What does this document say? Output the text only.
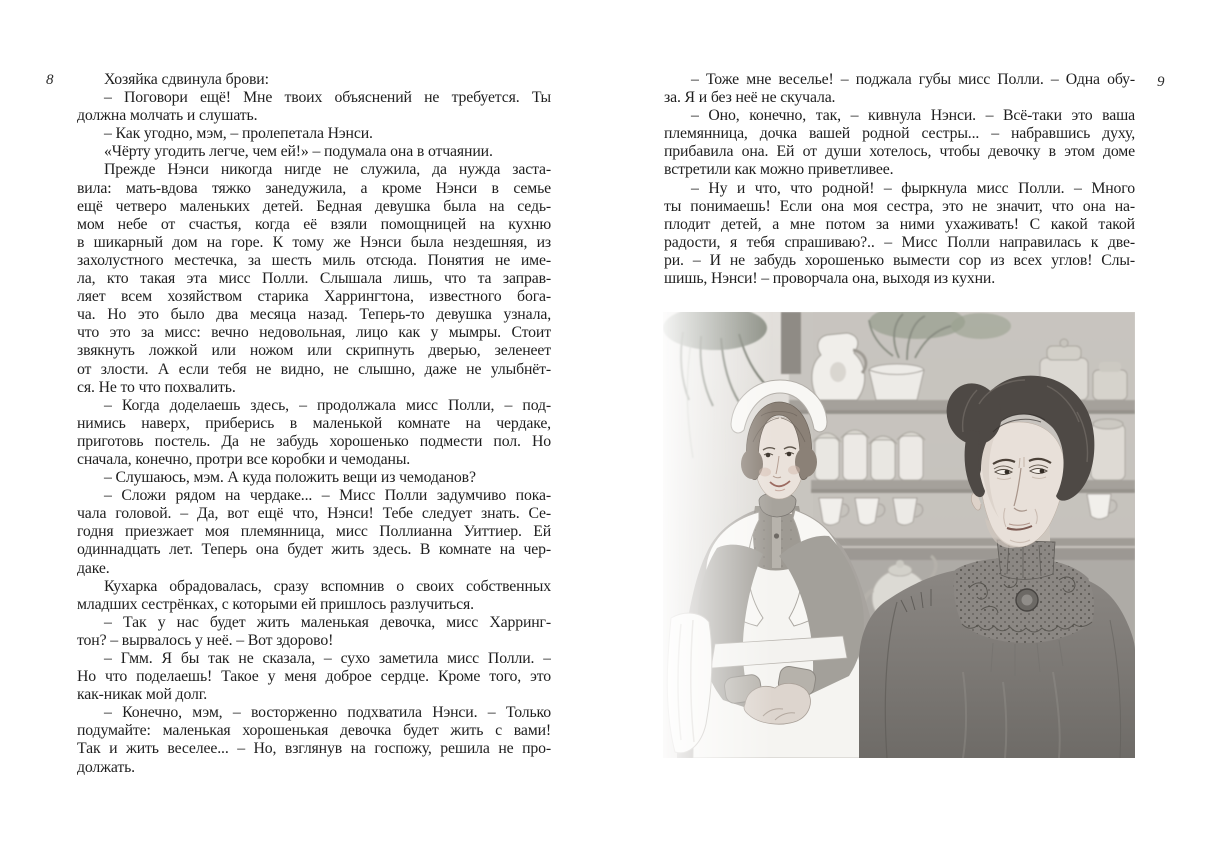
8	Хозяйка сдвинула брови:
– Поговори ещё! Мне твоих объяснений не требуется. Ты
должна молчать и слушать.
– Как угодно, мэм, – пролепетала Нэнси.
«Чёрту угодить легче, чем ей!» – подумала она в отчаянии.
Прежде Нэнси никогда нигде не служила, да нужда заста-
вила: мать-вдова тяжко занедужила, а кроме Нэнси в семье
ещё четверо маленьких детей. Бедная девушка была на седь-
мом небе от счастья, когда её взяли помощницей на кухню
в шикарный дом на горе. К тому же Нэнси была нездешняя, из
захолустного местечка, за шесть миль отсюда. Понятия не име-
ла, кто такая эта мисс Полли. Слышала лишь, что та заправ-
ляет всем хозяйством старика Харрингтона, известного бога-
ча. Но это было два месяца назад. Теперь-то девушка узнала,
что это за мисс: вечно недовольная, лицо как у мымры. Стоит
звякнуть ложкой или ножом или скрипнуть дверью, зеленеет
от злости. А если тебя не видно, не слышно, даже не улыбнёт-
ся. Не то что похвалить.
– Когда доделаешь здесь, – продолжала мисс Полли, – под-
нимись наверх, приберись в маленькой комнате на чердаке,
приготовь постель. Да не забудь хорошенько подмести пол. Но
сначала, конечно, протри все коробки и чемоданы.
– Слушаюсь, мэм. А куда положить вещи из чемоданов?
– Сложи рядом на чердаке... – Мисс Полли задумчиво пока-
чала головой. – Да, вот ещё что, Нэнси! Тебе следует знать. Се-
годня приезжает моя племянница, мисс Поллианна Уиттиер. Ей
одиннадцать лет. Теперь она будет жить здесь. В комнате на чер-
даке.
Кухарка обрадовалась, сразу вспомнив о своих собственных
младших сестрёнках, с которыми ей пришлось разлучиться.
– Так у нас будет жить маленькая девочка, мисс Харринг-
тон? – вырвалось у неё. – Вот здорово!
– Гмм. Я бы так не сказала, – сухо заметила мисс Полли. –
Но что поделаешь! Такое у меня доброе сердце. Кроме того, это
как-никак мой долг.
– Конечно, мэм, – восторженно подхватила Нэнси. – Только
подумайте: маленькая хорошенькая девочка будет жить с вами!
Так и жить веселее... – Но, взглянув на госпожу, решила не про-
должать.
9
– Тоже мне веселье! – поджала губы мисс Полли. – Одна обу-
за. Я и без неё не скучала.
– Оно, конечно, так, – кивнула Нэнси. – Всё-таки это ваша
племянница, дочка вашей родной сестры... – набравшись духу,
прибавила она. Ей от души хотелось, чтобы девочку в этом доме
встретили как можно приветливее.
– Ну и что, что родной! – фыркнула мисс Полли. – Много
ты понимаешь! Если она моя сестра, это не значит, что она на-
плодит детей, а мне потом за ними ухаживать! С какой такой
радости, я тебя спрашиваю?.. – Мисс Полли направилась к две-
ри. – И не забудь хорошенько вымести сор из всех углов! Слы-
шишь, Нэнси! – проворчала она, выходя из кухни.
